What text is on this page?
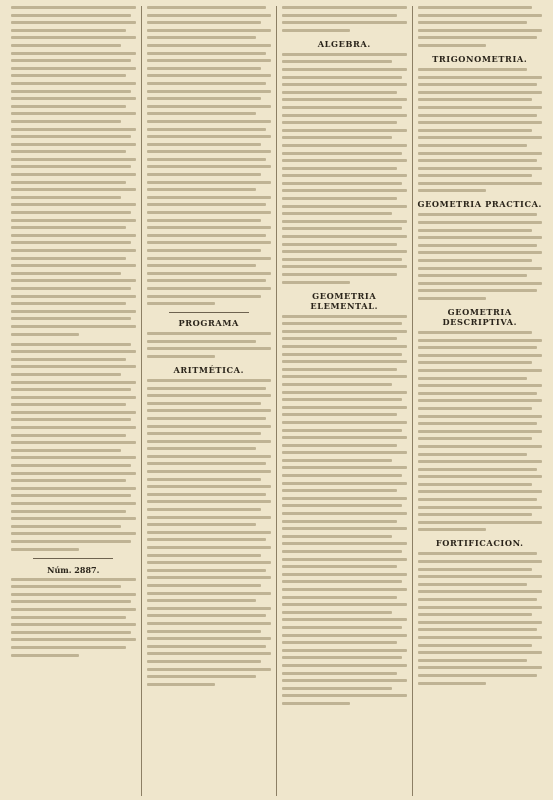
Núm. 2887.
PROGRAMA
ARITMÉTICA.
ALGEBRA.
GEOMETRIA ELEMENTAL.
TRIGONOMETRIA.
GEOMETRIA PRACTICA.
GEOMETRIA DESCRIPTIVA.
FORTIFICACION.
